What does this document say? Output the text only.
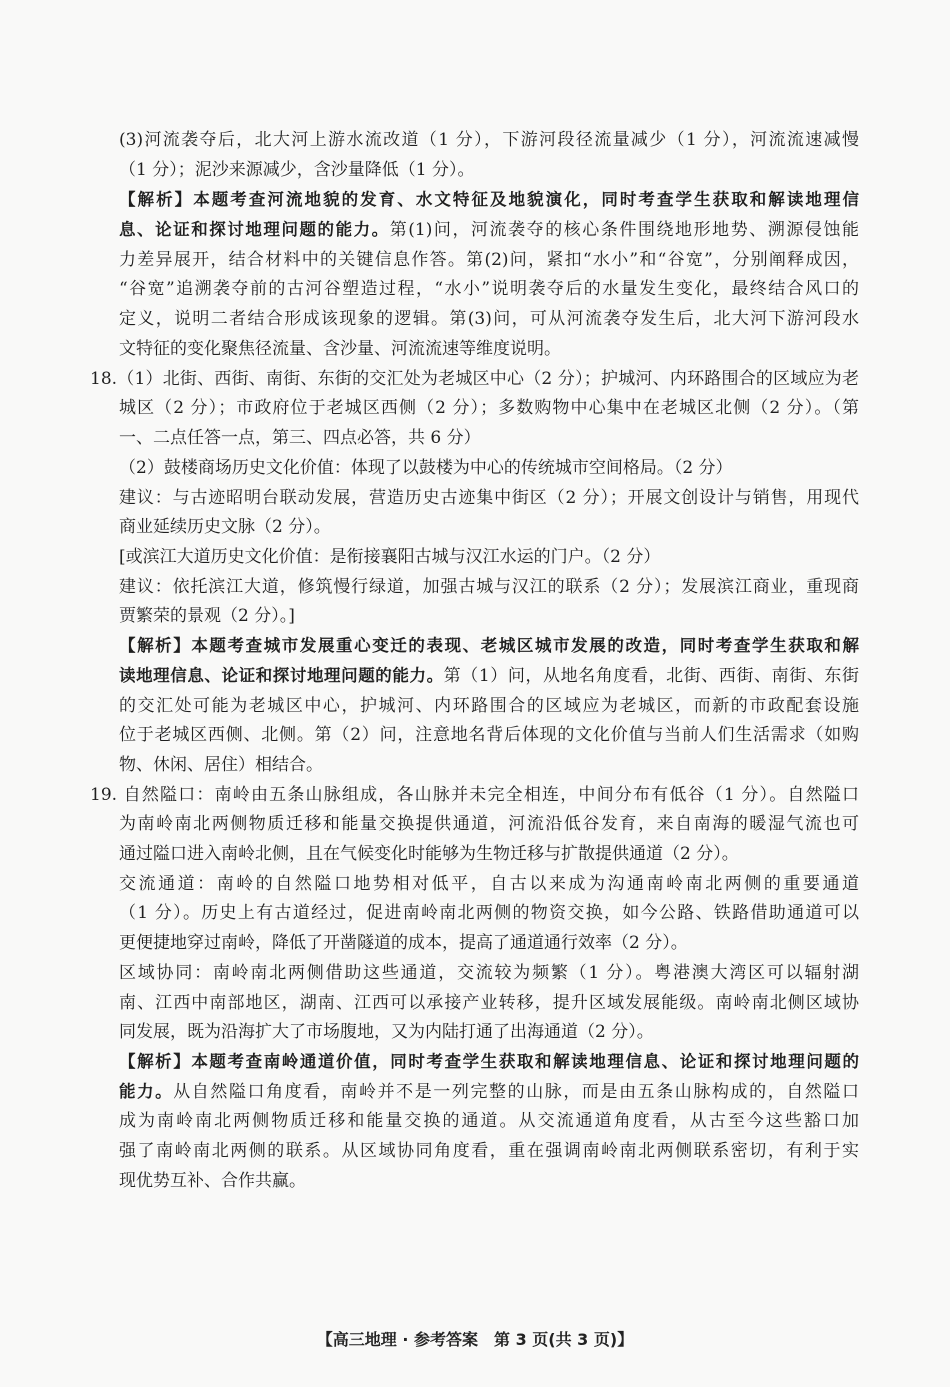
(3)河流袭夺后，北大河上游水流改道（1 分），下游河段径流量减少（1 分），河流流速减慢
（1 分）；泥沙来源减少，含沙量降低（1 分）。
【解析】本题考查河流地貌的发育、水文特征及地貌演化，同时考查学生获取和解读地理信
息、论证和探讨地理问题的能力。第(1)问，河流袭夺的核心条件围绕地形地势、溯源侵蚀能
力差异展开，结合材料中的关键信息作答。第(2)问，紧扣“水小”和“谷宽”，分别阐释成因，
“谷宽”追溯袭夺前的古河谷塑造过程，“水小”说明袭夺后的水量发生变化，最终结合风口的
定义，说明二者结合形成该现象的逻辑。第(3)问，可从河流袭夺发生后，北大河下游河段水
文特征的变化聚焦径流量、含沙量、河流流速等维度说明。
18.（1）北街、西街、南街、东街的交汇处为老城区中心（2 分）；护城河、内环路围合的区域应为老
城区（2 分）；市政府位于老城区西侧（2 分）；多数购物中心集中在老城区北侧（2 分）。（第
一、二点任答一点，第三、四点必答，共 6 分）
（2）鼓楼商场历史文化价值：体现了以鼓楼为中心的传统城市空间格局。（2 分）
建议：与古迹昭明台联动发展，营造历史古迹集中街区（2 分）；开展文创设计与销售，用现代
商业延续历史文脉（2 分）。
[或滨江大道历史文化价值：是衔接襄阳古城与汉江水运的门户。（2 分）
建议：依托滨江大道，修筑慢行绿道，加强古城与汉江的联系（2 分）；发展滨江商业，重现商
贾繁荣的景观（2 分）。]
【解析】本题考查城市发展重心变迁的表现、老城区城市发展的改造，同时考查学生获取和解
读地理信息、论证和探讨地理问题的能力。第（1）问，从地名角度看，北街、西街、南街、东街
的交汇处可能为老城区中心，护城河、内环路围合的区域应为老城区，而新的市政配套设施
位于老城区西侧、北侧。第（2）问，注意地名背后体现的文化价值与当前人们生活需求（如购
物、休闲、居住）相结合。
19. 自然隘口：南岭由五条山脉组成，各山脉并未完全相连，中间分布有低谷（1 分）。自然隘口
为南岭南北两侧物质迁移和能量交换提供通道，河流沿低谷发育，来自南海的暖湿气流也可
通过隘口进入南岭北侧，且在气候变化时能够为生物迁移与扩散提供通道（2 分）。
交流通道：南岭的自然隘口地势相对低平，自古以来成为沟通南岭南北两侧的重要通道
（1 分）。历史上有古道经过，促进南岭南北两侧的物资交换，如今公路、铁路借助通道可以
更便捷地穿过南岭，降低了开凿隧道的成本，提高了通道通行效率（2 分）。
区域协同：南岭南北两侧借助这些通道，交流较为频繁（1 分）。粤港澳大湾区可以辐射湖
南、江西中南部地区，湖南、江西可以承接产业转移，提升区域发展能级。南岭南北侧区域协
同发展，既为沿海扩大了市场腹地，又为内陆打通了出海通道（2 分）。
【解析】本题考查南岭通道价值，同时考查学生获取和解读地理信息、论证和探讨地理问题的
能力。从自然隘口角度看，南岭并不是一列完整的山脉，而是由五条山脉构成的，自然隘口
成为南岭南北两侧物质迁移和能量交换的通道。从交流通道角度看，从古至今这些豁口加
强了南岭南北两侧的联系。从区域协同角度看，重在强调南岭南北两侧联系密切，有利于实
现优势互补、合作共赢。
【高三地理 · 参考答案　第 3 页(共 3 页)】
